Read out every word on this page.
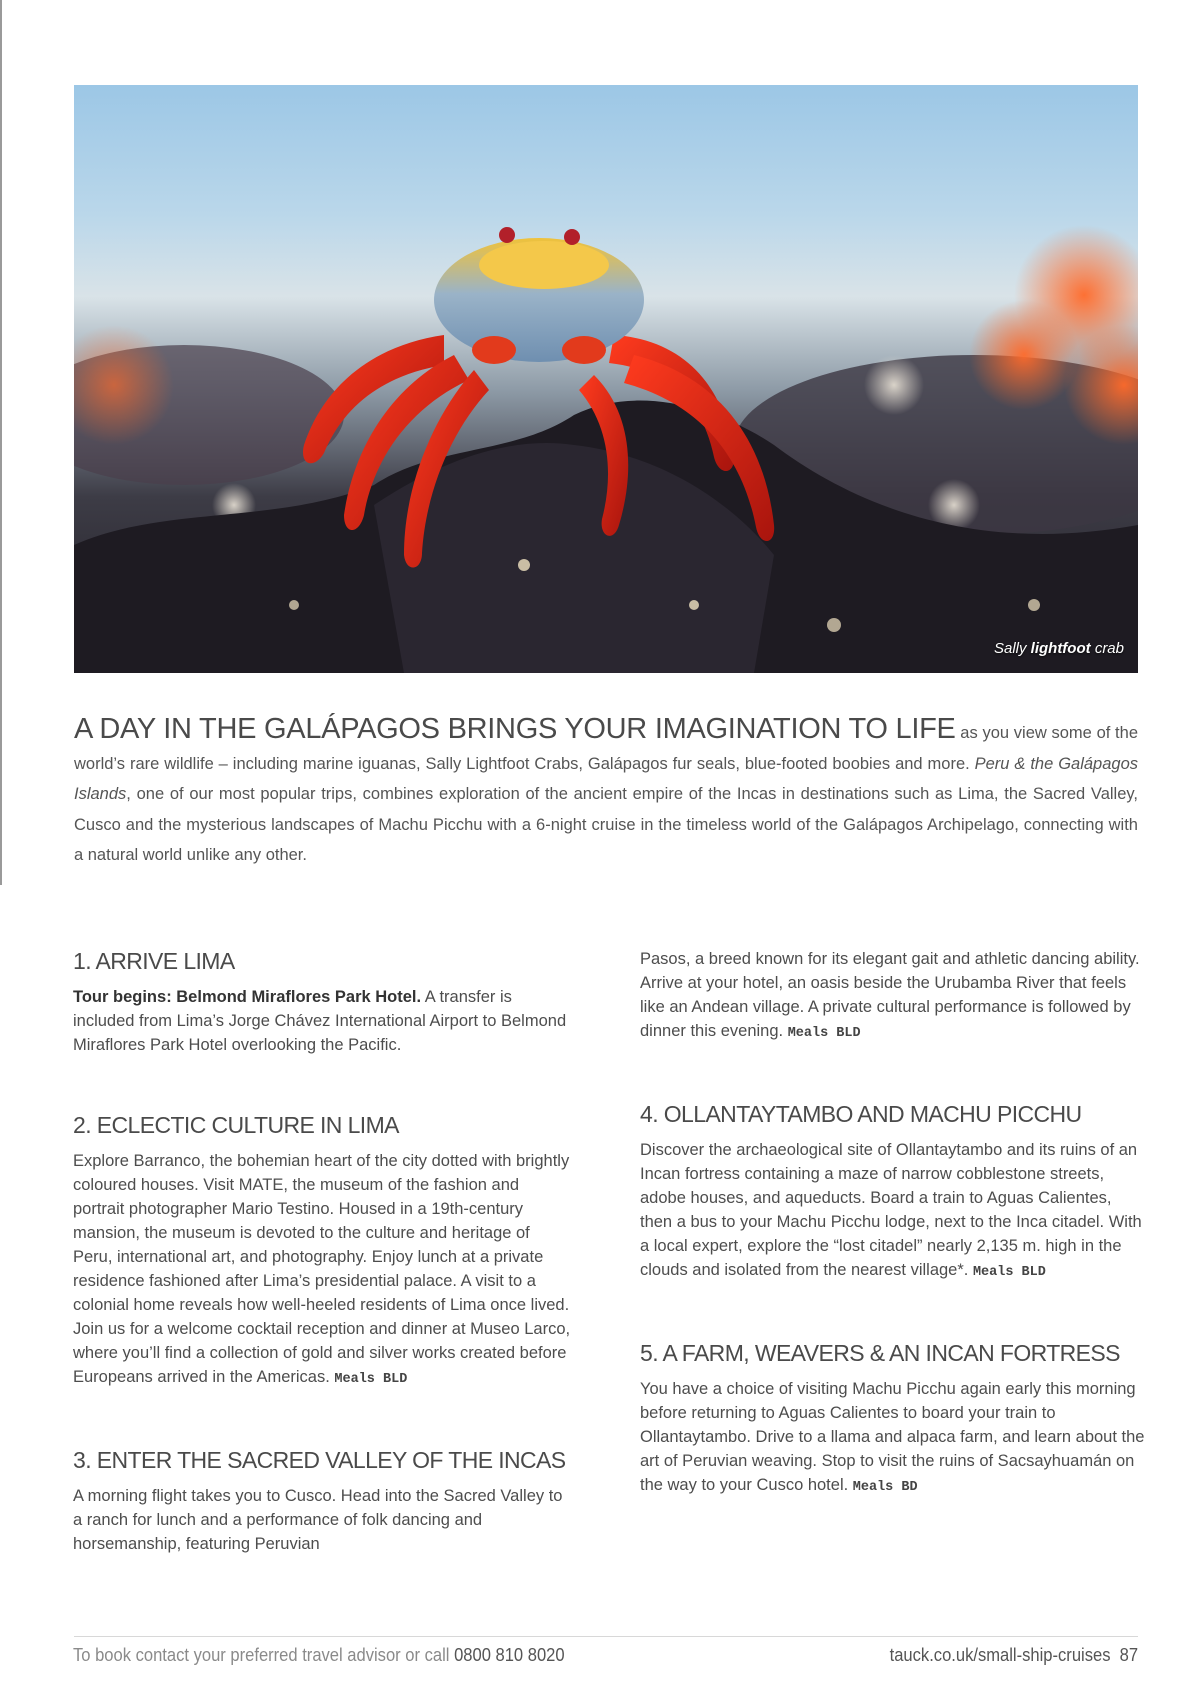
Sally lightfoot crab
A DAY IN THE GALÁPAGOS BRINGS YOUR IMAGINATION TO LIFE as you view some of the world’s rare wildlife – including marine iguanas, Sally Lightfoot Crabs, Galápagos fur seals, blue-footed boobies and more. Peru & the Galápagos Islands, one of our most popular trips, combines exploration of the ancient empire of the Incas in destinations such as Lima, the Sacred Valley, Cusco and the mysterious landscapes of Machu Picchu with a 6-night cruise in the timeless world of the Galápagos Archipelago, connecting with a natural world unlike any other.
1. ARRIVE LIMA

Tour begins: Belmond Miraflores Park Hotel. A transfer is included from Lima’s Jorge Chávez International Airport to Belmond Miraflores Park Hotel overlooking the Pacific.

2. ECLECTIC CULTURE IN LIMA

Explore Barranco, the bohemian heart of the city dotted with brightly coloured houses. Visit MATE, the museum of the fashion and portrait photographer Mario Testino. Housed in a 19th-century mansion, the museum is devoted to the culture and heritage of Peru, international art, and photography. Enjoy lunch at a private residence fashioned after Lima’s presidential palace. A visit to a colonial home reveals how well-heeled residents of Lima once lived. Join us for a welcome cocktail reception and dinner at Museo Larco, where you’ll find a collection of gold and silver works created before Europeans arrived in the Americas. Meals BLD

3. ENTER THE SACRED VALLEY OF THE INCAS

A morning flight takes you to Cusco. Head into the Sacred Valley to a ranch for lunch and a performance of folk dancing and horsemanship, featuring Peruvian

Pasos, a breed known for its elegant gait and athletic dancing ability. Arrive at your hotel, an oasis beside the Urubamba River that feels like an Andean village. A private cultural performance is followed by dinner this evening. Meals BLD

4. OLLANTAYTAMBO AND MACHU PICCHU

Discover the archaeological site of Ollantaytambo and its ruins of an Incan fortress containing a maze of narrow cobblestone streets, adobe houses, and aqueducts. Board a train to Aguas Calientes, then a bus to your Machu Picchu lodge, next to the Inca citadel. With a local expert, explore the “lost citadel” nearly 2,135 m. high in the clouds and isolated from the nearest village*. Meals BLD

5. A FARM, WEAVERS & AN INCAN FORTRESS

You have a choice of visiting Machu Picchu again early this morning before returning to Aguas Calientes to board your train to Ollantaytambo. Drive to a llama and alpaca farm, and learn about the art of Peruvian weaving. Stop to visit the ruins of Sacsayhuamán on the way to your Cusco hotel. Meals BD

To book contact your preferred travel advisor or call 0800 810 8020	tauck.co.uk/small-ship-cruises 87
